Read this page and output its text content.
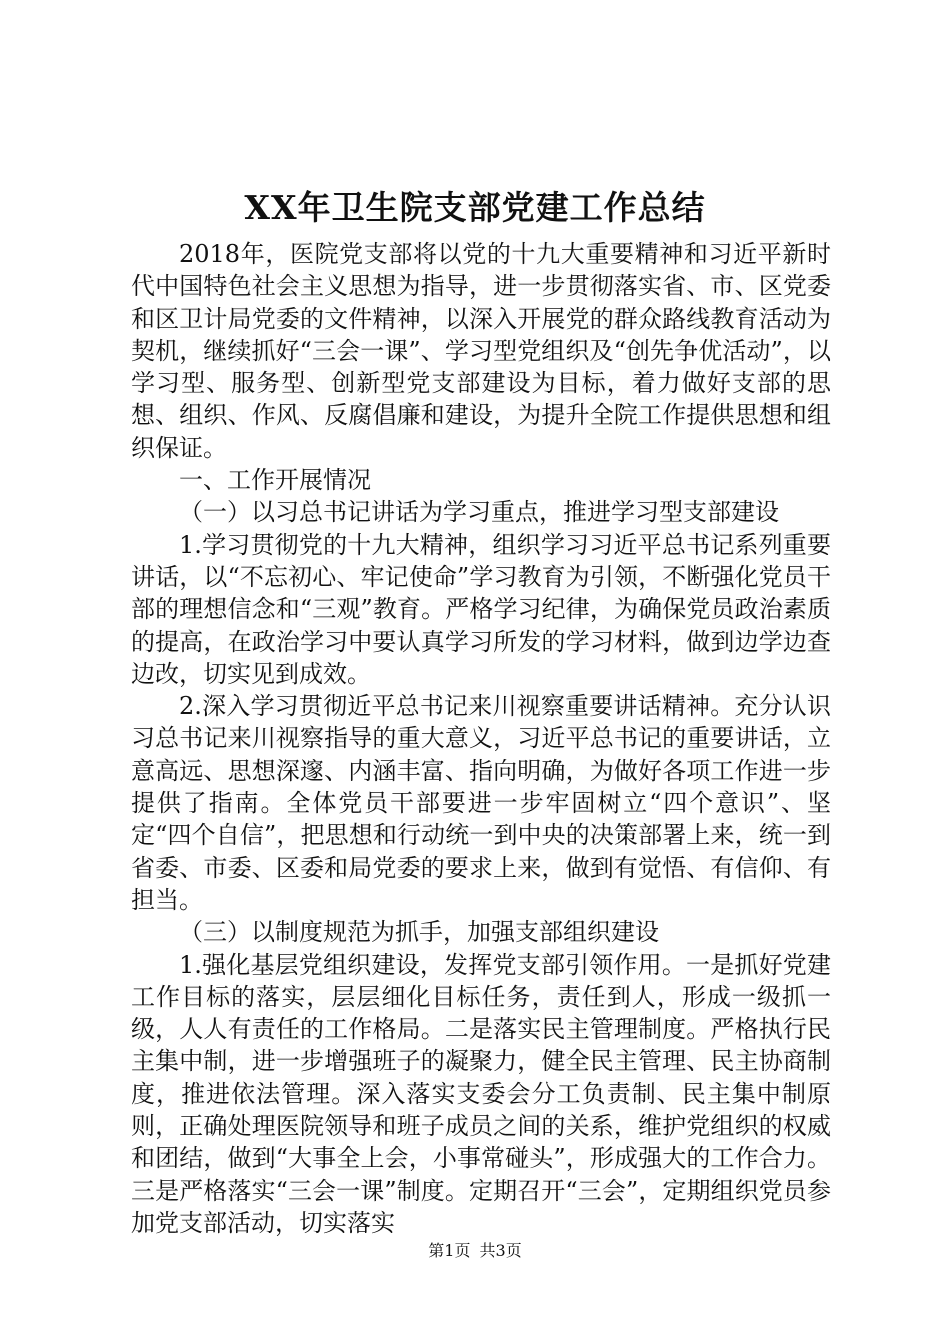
XX年卫生院支部党建工作总结

2018年，医院党支部将以党的十九大重要精神和习近平新时代中国特色社会主义思想为指导，进一步贯彻落实省、市、区党委和区卫计局党委的文件精神，以深入开展党的群众路线教育活动为契机，继续抓好“三会一课”、学习型党组织及“创先争优活动”，以学习型、服务型、创新型党支部建设为目标，着力做好支部的思想、组织、作风、反腐倡廉和建设，为提升全院工作提供思想和组织保证。

一、工作开展情况

（一）以习总书记讲话为学习重点，推进学习型支部建设

1.学习贯彻党的十九大精神，组织学习习近平总书记系列重要讲话，以“不忘初心、牢记使命”学习教育为引领，不断强化党员干部的理想信念和“三观”教育。严格学习纪律，为确保党员政治素质的提高，在政治学习中要认真学习所发的学习材料，做到边学边查边改，切实见到成效。

2.深入学习贯彻近平总书记来川视察重要讲话精神。充分认识习总书记来川视察指导的重大意义，习近平总书记的重要讲话，立意高远、思想深邃、内涵丰富、指向明确，为做好各项工作进一步提供了指南。全体党员干部要进一步牢固树立“四个意识”、坚定“四个自信”，把思想和行动统一到中央的决策部署上来，统一到省委、市委、区委和局党委的要求上来，做到有觉悟、有信仰、有担当。

（三）以制度规范为抓手，加强支部组织建设

1.强化基层党组织建设，发挥党支部引领作用。一是抓好党建工作目标的落实，层层细化目标任务，责任到人，形成一级抓一级，人人有责任的工作格局。二是落实民主管理制度。严格执行民主集中制，进一步增强班子的凝聚力，健全民主管理、民主协商制度，推进依法管理。深入落实支委会分工负责制、民主集中制原则，正确处理医院领导和班子成员之间的关系，维护党组织的权威和团结，做到“大事全上会，小事常碰头”，形成强大的工作合力。三是严格落实“三会一课”制度。定期召开“三会”，定期组织党员参加党支部活动，切实落实

第1页 共3页
